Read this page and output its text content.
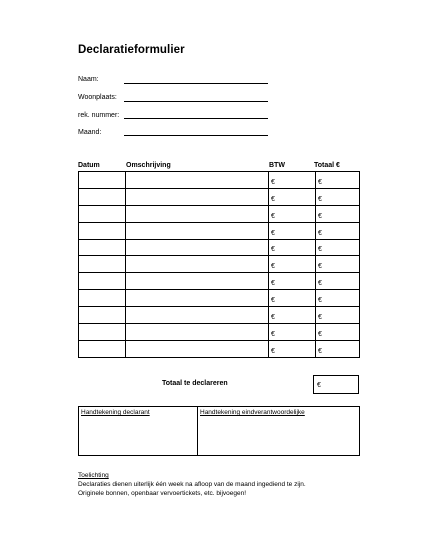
Declaratieformulier
Naam:
Woonplaats:
rek. nummer:
Maand:
Datum	Omschrijving	BTW	Totaal €
		€	€
		€	€
		€	€
		€	€
		€	€
		€	€
		€	€
		€	€
		€	€
		€	€
		€	€
Totaal te declareren	€
Handtekening declarant	Handtekening eindverantwoordelijke
Toelichting
Declaraties dienen uiterlijk één week na afloop van de maand ingediend te zijn.
Originele bonnen, openbaar vervoertickets, etc. bijvoegen!
